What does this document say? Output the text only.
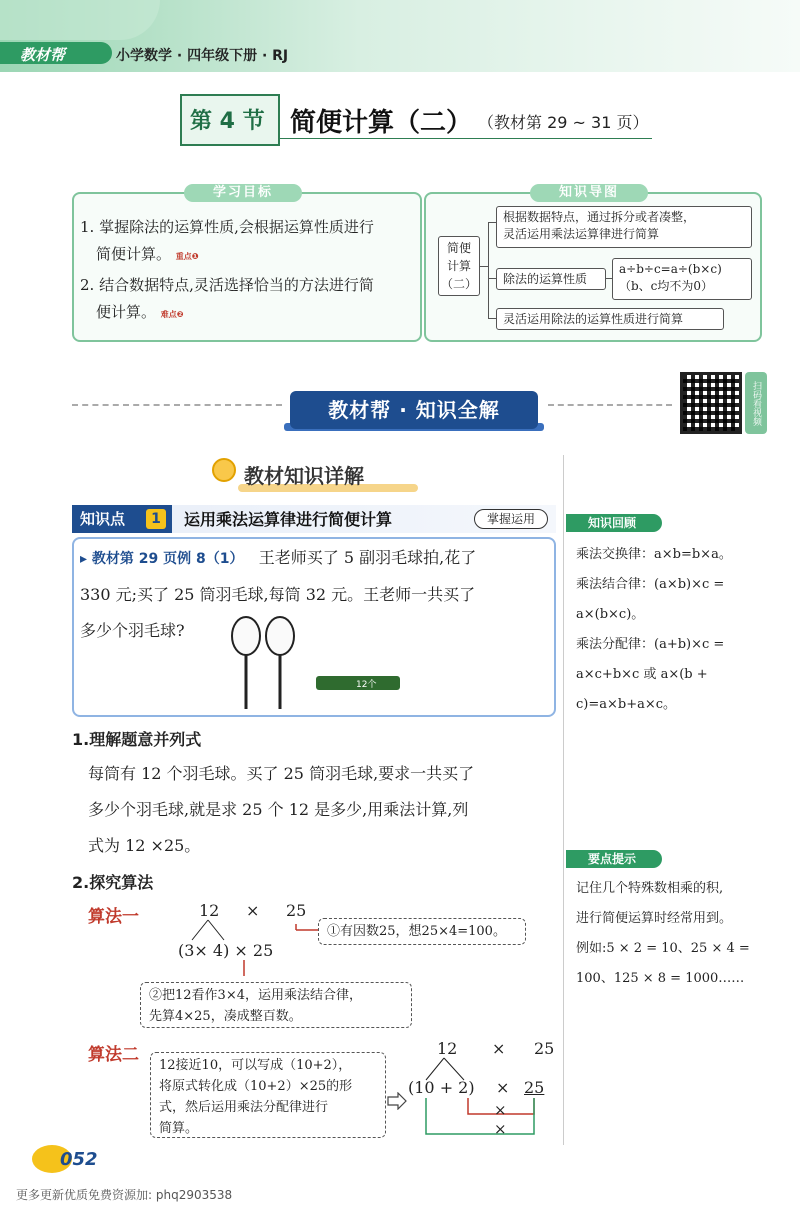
教材帮	小学数学 · 四年级下册 · RJ
第 4 节 简便计算（二） （教材第 29 ~ 31 页）
学习目标
1. 掌握除法的运算性质,会根据运算性质进行
简便计算。 重点❶
2. 结合数据特点,灵活选择恰当的方法进行简
便计算。 难点❷
知识导图
简便
计算
（二）
根据数据特点，通过拆分或者凑整，
灵活运用乘法运算律进行简算
除法的运算性质
a÷b÷c=a÷(b×c)
（b、c均不为0）
灵活运用除法的运算性质进行简算
教材帮 · 知识全解	扫码看视频
教材知识详解
知识点	1	运用乘法运算律进行简便计算	掌握运用
▸ 教材第 29 页例 8（1） 王老师买了 5 副羽毛球拍,花了
330 元;买了 25 筒羽毛球,每筒 32 元。王老师一共买了
多少个羽毛球?
12个
1.理解题意并列式
每筒有 12 个羽毛球。买了 25 筒羽毛球,要求一共买了
多少个羽毛球,就是求 25 个 12 是多少,用乘法计算,列
式为 12 ×25。
2.探究算法
算法一	12 × 25
(3× 4) × 25
①有因数25，想25×4=100。
②把12看作3×4，运用乘法结合律，
先算4×25，凑成整百数。
算法二
12接近10，可以写成（10+2），
将原式转化成（10+2）×25的形
式，然后运用乘法分配律进行
简算。
12 × 25
(10 + 2) × 25
×
×
知识回顾
乘法交换律：a×b=b×a。
乘法结合律：(a×b)×c =
a×(b×c)。
乘法分配律：(a+b)×c =
a×c+b×c 或 a×(b +
c)=a×b+a×c。
要点提示
记住几个特殊数相乘的积,
进行简便运算时经常用到。
例如:5 × 2 = 10、25 × 4 =
100、125 × 8 = 1000……
052
更多更新优质免费资源加: phq2903538
